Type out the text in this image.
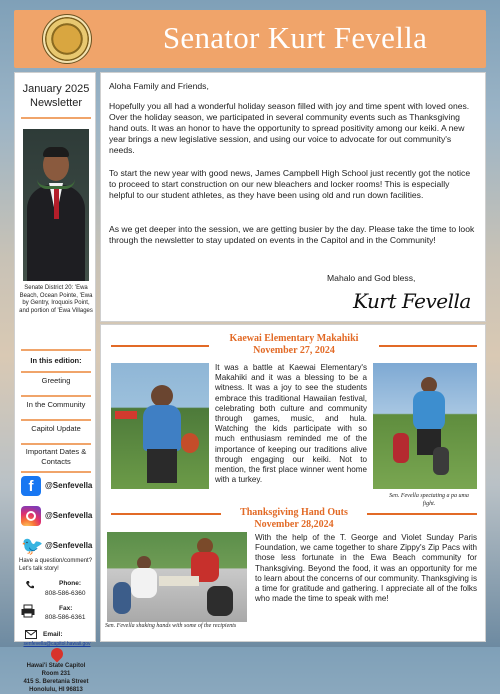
Senator Kurt Fevella
January 2025
Newsletter
Senate District 20: 'Ewa Beach, Ocean Pointe, 'Ewa by Gentry, Iroquois Point, and portion of 'Ewa Villages
In this edition:
Greeting
In the Community
Capitol Update
Important Dates & Contacts
f	@Senfevella
@Senfevella
🐦 @Senfevella
Have a question/comment? Let's talk story!
Phone:
808-586-6360
Fax:
808-586-6361
Email:
senfevella@capitol.hawaii.gov
Hawai'i State Capitol
Room 231
415 S. Beretania Street
Honolulu, HI 96813

Aloha Family and Friends,

Hopefully you all had a wonderful holiday season filled with joy and time spent with loved ones. Over the holiday season, we participated in several community events such as Thanksgiving hand outs. It was an honor to have the opportunity to spread positivity among our keiki. A new year brings a new legislative session, and using our voice to advocate for out community's needs.

To start the new year with good news, James Campbell High School just recently got the notice to proceed to start construction on our new bleachers and locker rooms! This is especially helpful to our student athletes, as they have been using old and run down facilities.

As we get deeper into the session, we are getting busier by the day. Please take the time to look through the newsletter to stay updated on events in the Capitol and in the Community!

Mahalo and God bless,
Kurt Fevella
Kaewai Elementary Makahiki
November 27, 2024
It was a battle at Kaewai Elementary's Makahiki and it was a blessing to be a witness. It was a joy to see the students embrace this traditional Hawaiian festival, celebrating both culture and community through games, music, and hula. Watching the kids participate with so much enthusiasm reminded me of the importance of keeping our traditions alive through engaging our keiki. Not to mention, the first place winner went home with a turkey.
Sen. Fevella spectating a pa uma fight.
Thanksgiving Hand Outs
November 28,2024
Sen. Fevella shaking hands with some of the recipients
With the help of the T. George and Violet Sunday Paris Foundation, we came together to share Zippy's Zip Pacs with those less fortunate in the Ewa Beach community for Thanksgiving. Beyond the food, it was an opportunity for me to learn about the concerns of our community. Thanksgiving is a time for gratitude and gathering. I appreciate all of the folks who made the time to speak with me!
